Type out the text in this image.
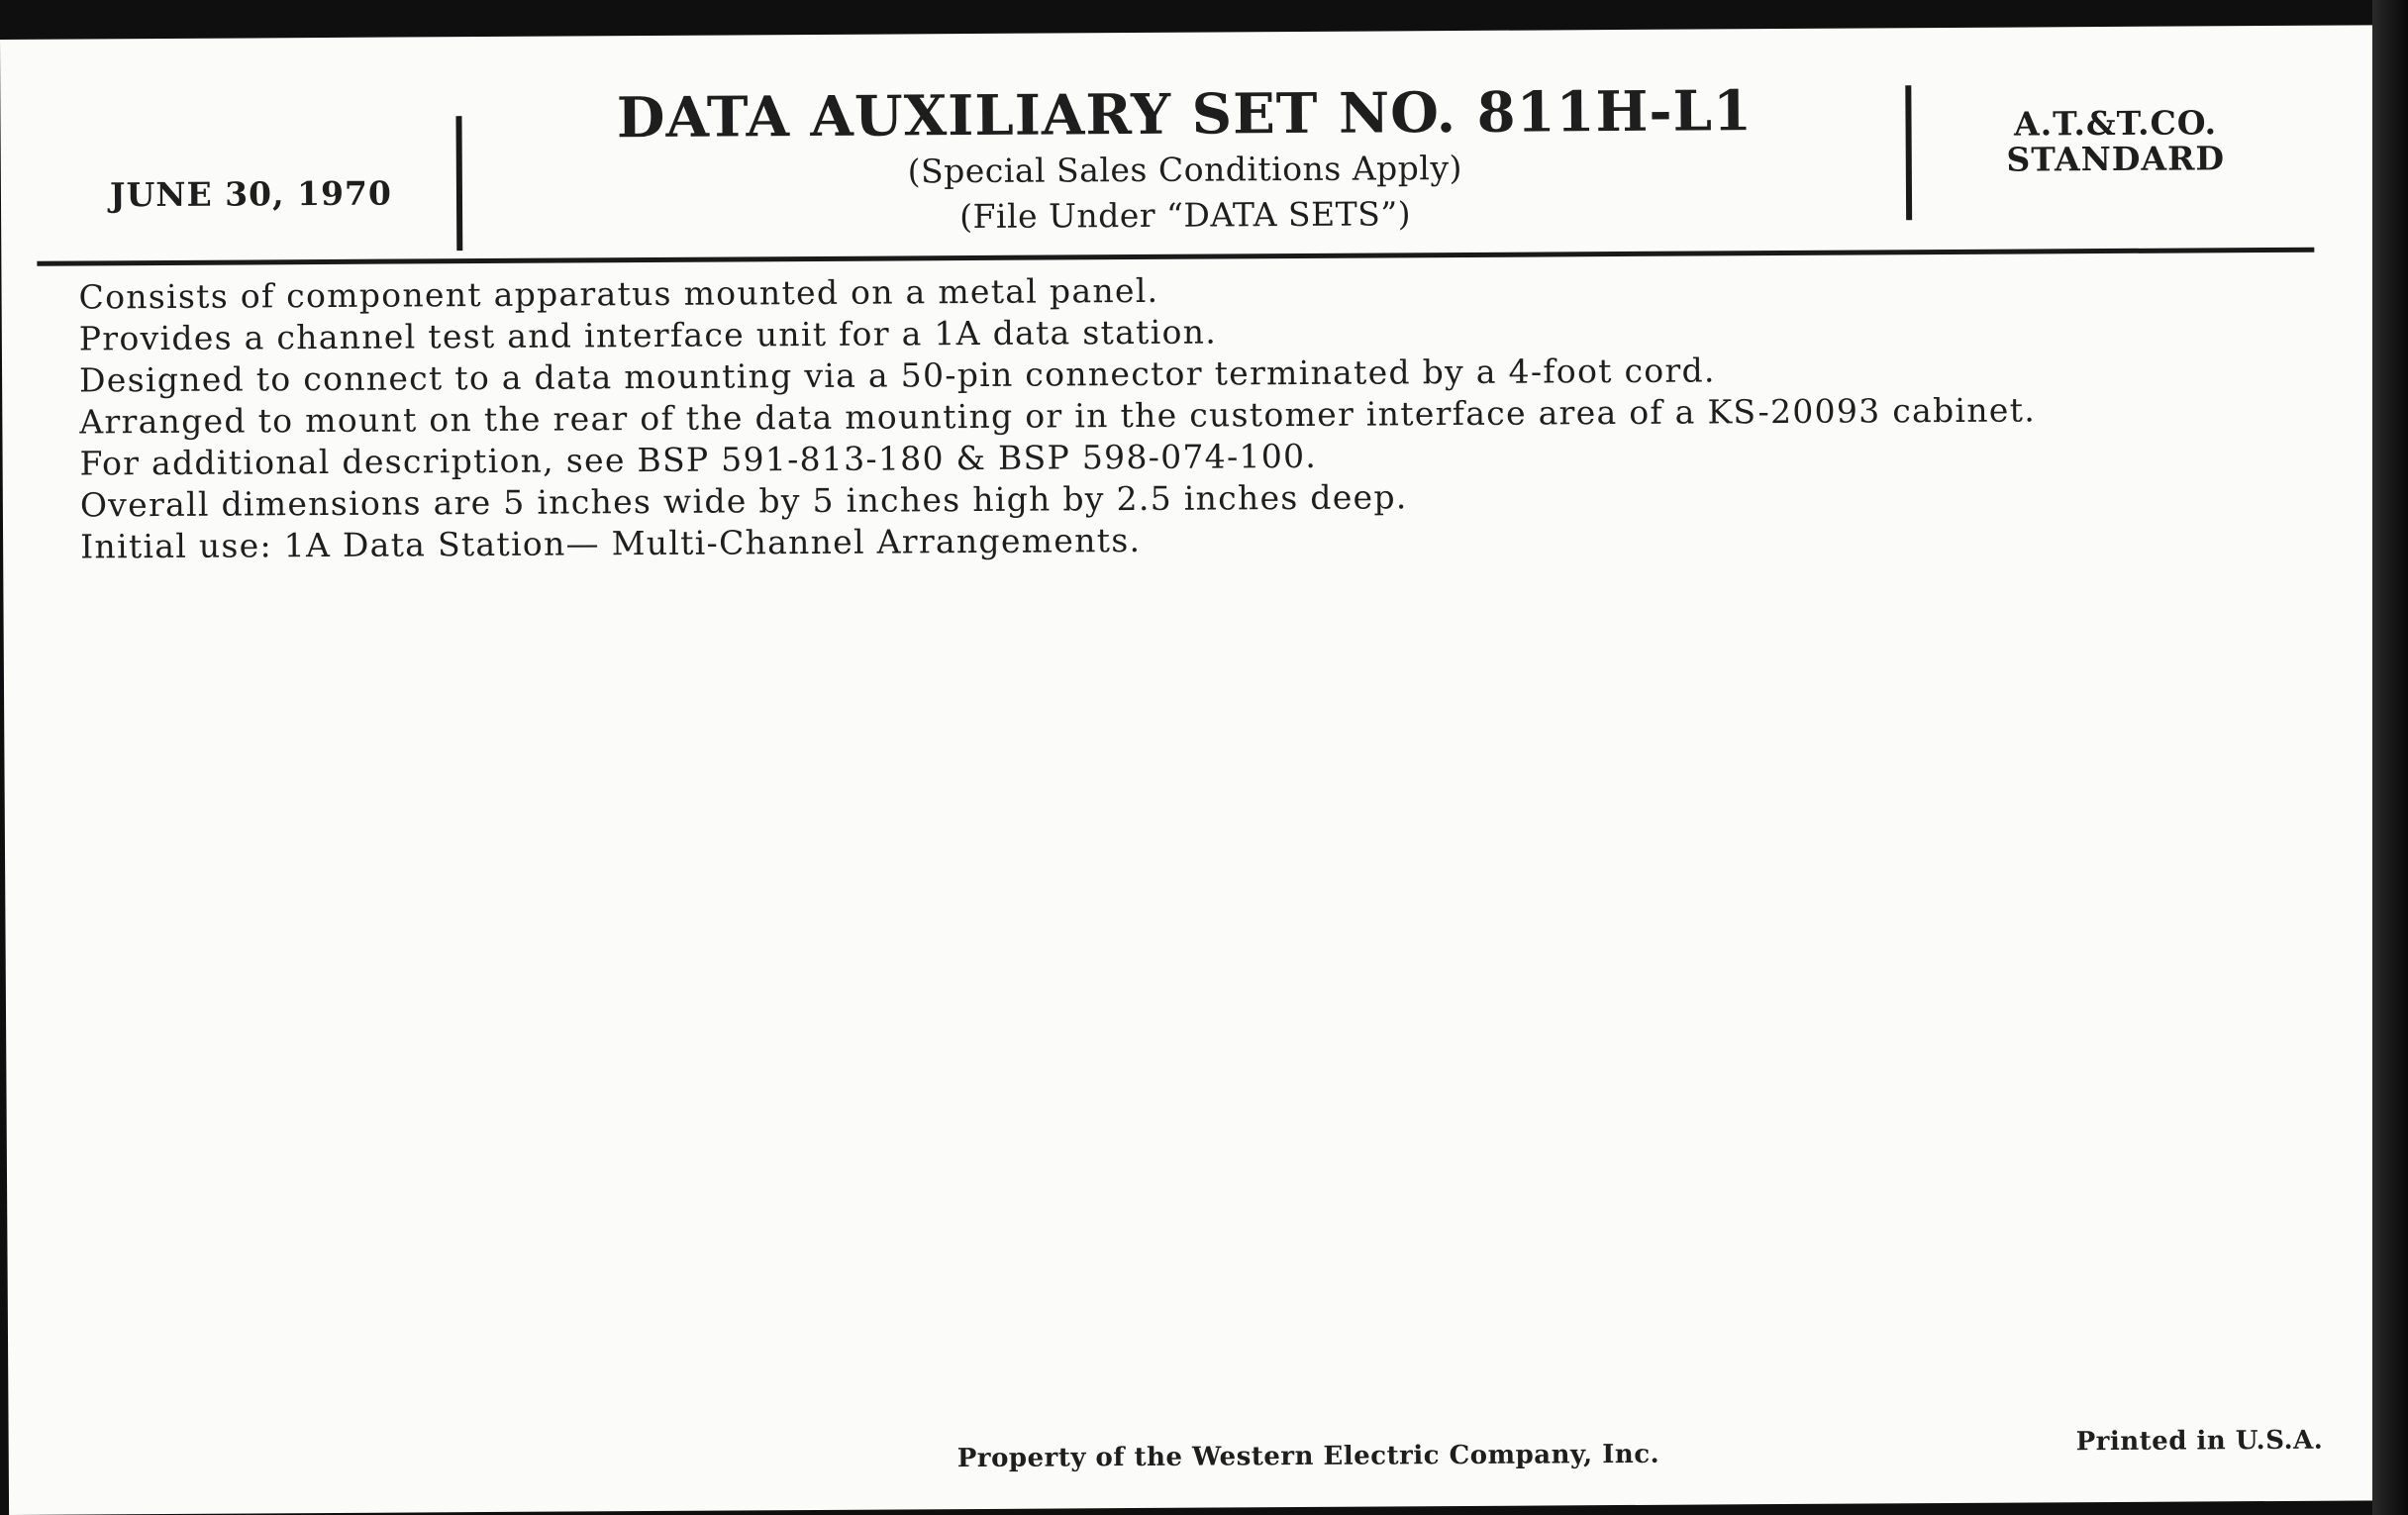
JUNE 30, 1970
DATA AUXILIARY SET NO. 811H-L1
(Special Sales Conditions Apply)
(File Under “DATA SETS”)
A.T.&T.CO.
STANDARD
Consists of component apparatus mounted on a metal panel.
Provides a channel test and interface unit for a 1A data station.
Designed to connect to a data mounting via a 50-pin connector terminated by a 4-foot cord.
Arranged to mount on the rear of the data mounting or in the customer interface area of a KS-20093 cabinet.
For additional description, see BSP 591-813-180 & BSP 598-074-100.
Overall dimensions are 5 inches wide by 5 inches high by 2.5 inches deep.
Initial use: 1A Data Station— Multi-Channel Arrangements.
Property of the Western Electric Company, Inc.	Printed in U.S.A.
